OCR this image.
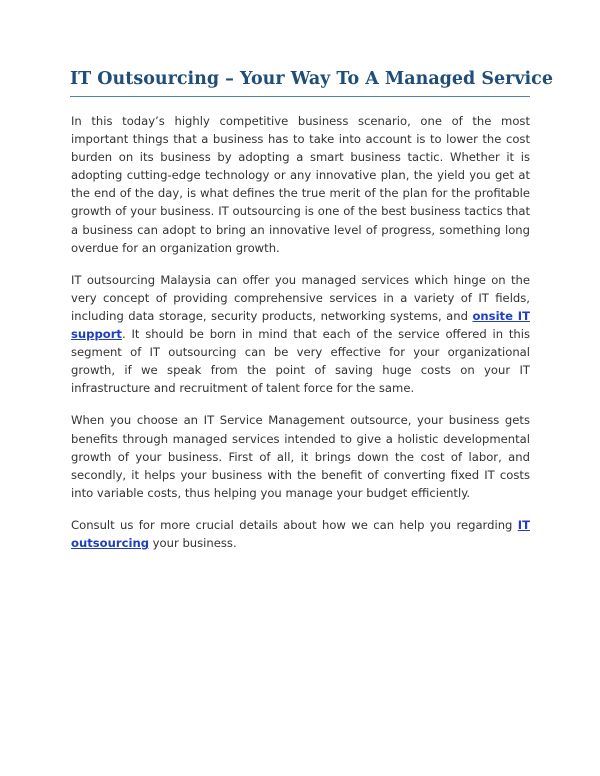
IT Outsourcing – Your Way To A Managed Service

In this today’s highly competitive business scenario, one of the most important things that a business has to take into account is to lower the cost burden on its business by adopting a smart business tactic. Whether it is adopting cutting-edge technology or any innovative plan, the yield you get at the end of the day, is what defines the true merit of the plan for the profitable growth of your business. IT outsourcing is one of the best business tactics that a business can adopt to bring an innovative level of progress, something long overdue for an organization growth.

IT outsourcing Malaysia can offer you managed services which hinge on the very concept of providing comprehensive services in a variety of IT fields, including data storage, security products, networking systems, and onsite IT support. It should be born in mind that each of the service offered in this segment of IT outsourcing can be very effective for your organizational growth, if we speak from the point of saving huge costs on your IT infrastructure and recruitment of talent force for the same.

When you choose an IT Service Management outsource, your business gets benefits through managed services intended to give a holistic developmental growth of your business. First of all, it brings down the cost of labor, and secondly, it helps your business with the benefit of converting fixed IT costs into variable costs, thus helping you manage your budget efficiently.

Consult us for more crucial details about how we can help you regarding IT outsourcing your business.
